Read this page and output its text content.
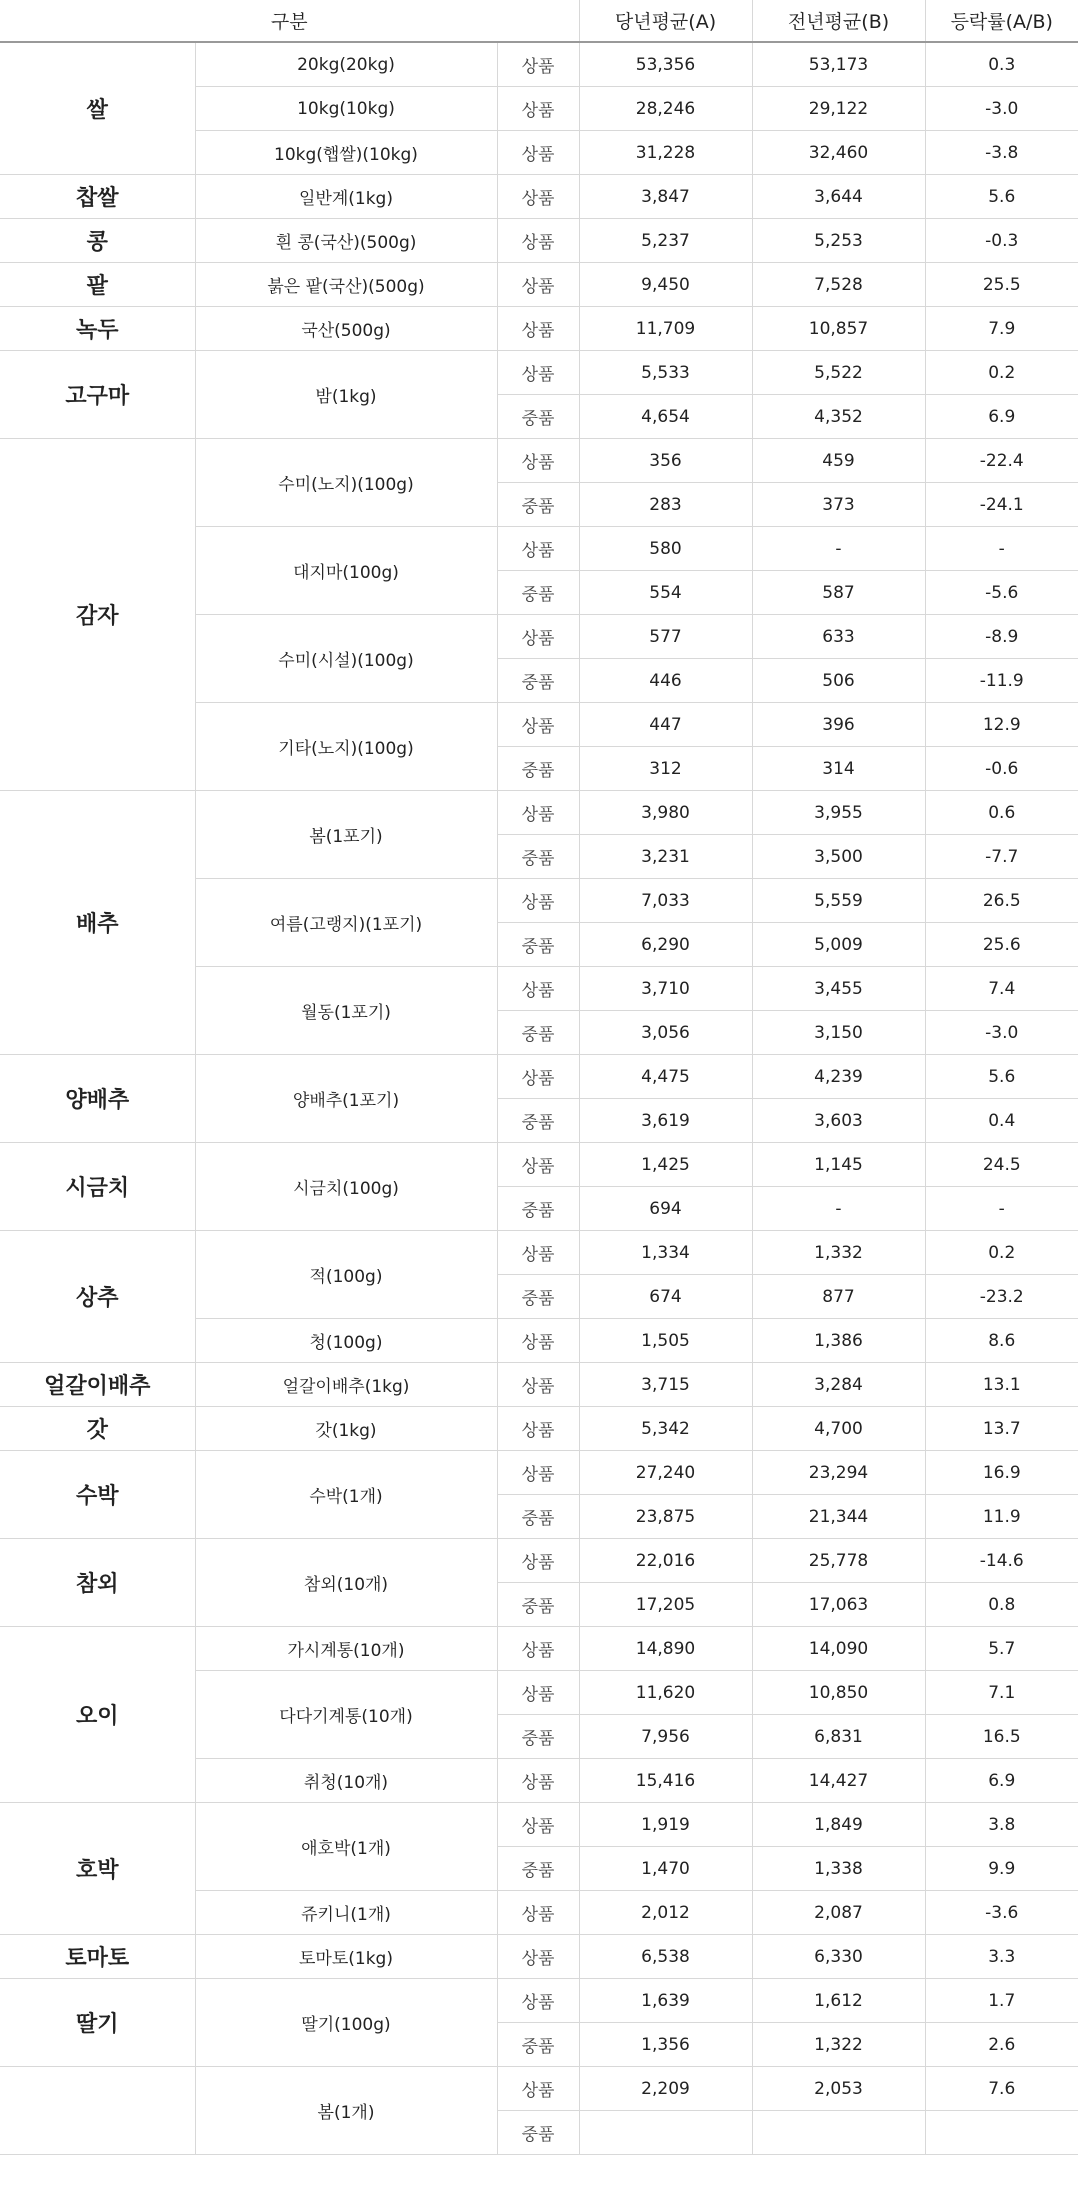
구분			당년평균(A)	전년평균(B)	등락률(A/B)
쌀	20kg(20kg)	상품	53,356	53,173	0.3
	10kg(10kg)	상품	28,246	29,122	-3.0
	10kg(햅쌀)(10kg)	상품	31,228	32,460	-3.8
찹쌀	일반계(1kg)	상품	3,847	3,644	5.6
콩	흰 콩(국산)(500g)	상품	5,237	5,253	-0.3
팥	붉은 팥(국산)(500g)	상품	9,450	7,528	25.5
녹두	국산(500g)	상품	11,709	10,857	7.9
고구마	밤(1kg)	상품	5,533	5,522	0.2
		중품	4,654	4,352	6.9
감자	수미(노지)(100g)	상품	356	459	-22.4
		중품	283	373	-24.1
	대지마(100g)	상품	580	-	-
		중품	554	587	-5.6
	수미(시설)(100g)	상품	577	633	-8.9
		중품	446	506	-11.9
	기타(노지)(100g)	상품	447	396	12.9
		중품	312	314	-0.6
배추	봄(1포기)	상품	3,980	3,955	0.6
		중품	3,231	3,500	-7.7
	여름(고랭지)(1포기)	상품	7,033	5,559	26.5
		중품	6,290	5,009	25.6
	월동(1포기)	상품	3,710	3,455	7.4
		중품	3,056	3,150	-3.0
양배추	양배추(1포기)	상품	4,475	4,239	5.6
		중품	3,619	3,603	0.4
시금치	시금치(100g)	상품	1,425	1,145	24.5
		중품	694	-	-
상추	적(100g)	상품	1,334	1,332	0.2
		중품	674	877	-23.2
	청(100g)	상품	1,505	1,386	8.6
얼갈이배추	얼갈이배추(1kg)	상품	3,715	3,284	13.1
갓	갓(1kg)	상품	5,342	4,700	13.7
수박	수박(1개)	상품	27,240	23,294	16.9
		중품	23,875	21,344	11.9
참외	참외(10개)	상품	22,016	25,778	-14.6
		중품	17,205	17,063	0.8
오이	가시계통(10개)	상품	14,890	14,090	5.7
	다다기계통(10개)	상품	11,620	10,850	7.1
		중품	7,956	6,831	16.5
	취청(10개)	상품	15,416	14,427	6.9
호박	애호박(1개)	상품	1,919	1,849	3.8
		중품	1,470	1,338	9.9
	쥬키니(1개)	상품	2,012	2,087	-3.6
토마토	토마토(1kg)	상품	6,538	6,330	3.3
딸기	딸기(100g)	상품	1,639	1,612	1.7
		중품	1,356	1,322	2.6
	봄(1개)	상품	2,209	2,053	7.6
		중품			
